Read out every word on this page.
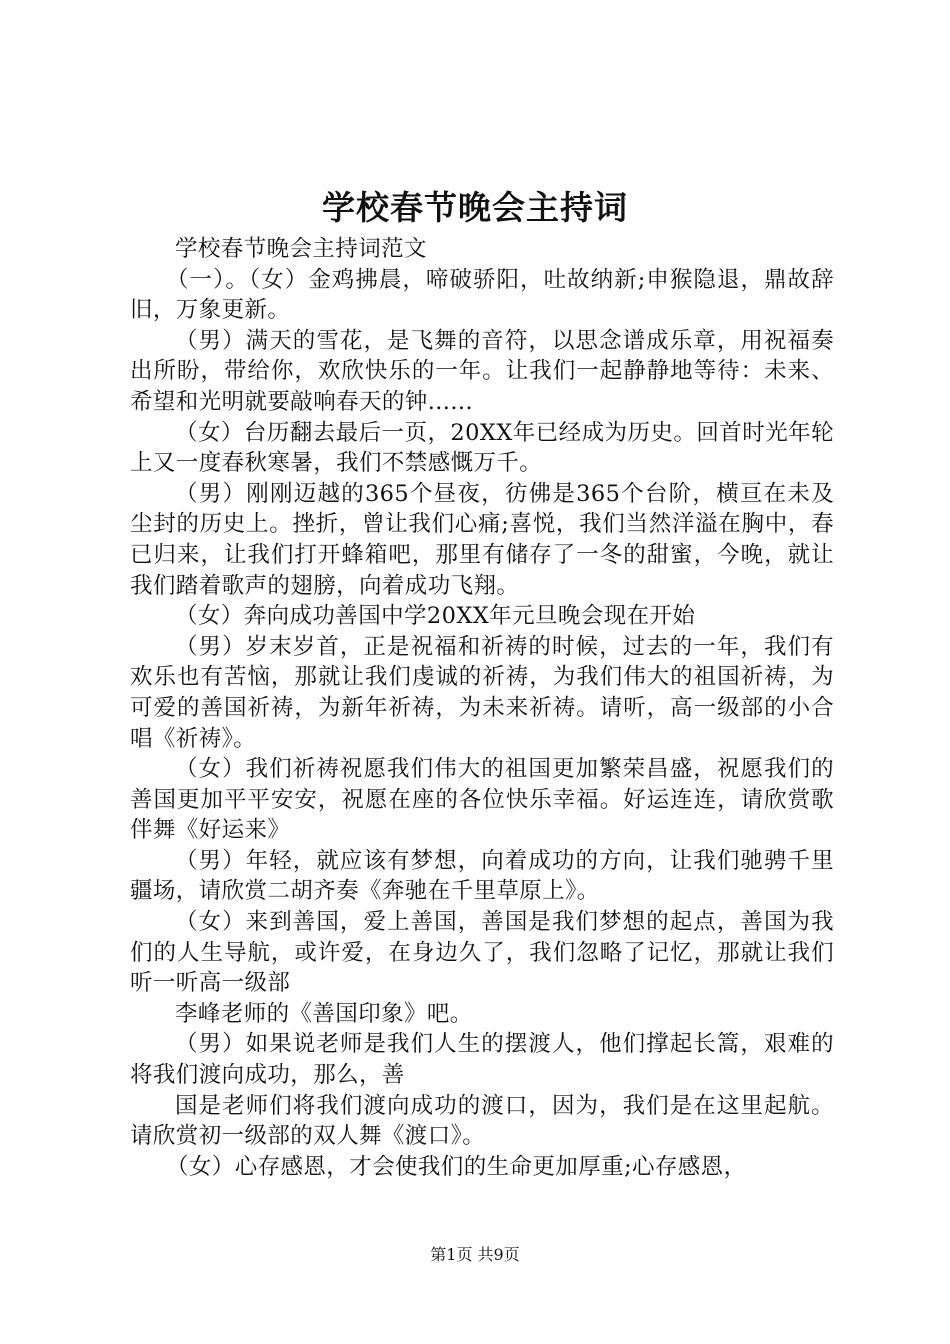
学校春节晚会主持词

学校春节晚会主持词范文

（一）。（女）金鸡拂晨，啼破骄阳，吐故纳新;申猴隐退，鼎故辞旧，万象更新。

（男）满天的雪花，是飞舞的音符，以思念谱成乐章，用祝福奏出所盼，带给你，欢欣快乐的一年。让我们一起静静地等待：未来、希望和光明就要敲响春天的钟......

（女）台历翻去最后一页，20XX年已经成为历史。回首时光年轮上又一度春秋寒暑，我们不禁感慨万千。

（男）刚刚迈越的365个昼夜，彷佛是365个台阶，横亘在未及尘封的历史上。挫折，曾让我们心痛;喜悦，我们当然洋溢在胸中，春已归来，让我们打开蜂箱吧，那里有储存了一冬的甜蜜，今晚，就让我们踏着歌声的翅膀，向着成功飞翔。

（女）奔向成功善国中学20XX年元旦晚会现在开始

（男）岁末岁首，正是祝福和祈祷的时候，过去的一年，我们有欢乐也有苦恼，那就让我们虔诚的祈祷，为我们伟大的祖国祈祷，为可爱的善国祈祷，为新年祈祷，为未来祈祷。请听，高一级部的小合唱《祈祷》。

（女）我们祈祷祝愿我们伟大的祖国更加繁荣昌盛，祝愿我们的善国更加平平安安，祝愿在座的各位快乐幸福。好运连连，请欣赏歌伴舞《好运来》

（男）年轻，就应该有梦想，向着成功的方向，让我们驰骋千里疆场，请欣赏二胡齐奏《奔驰在千里草原上》。

（女）来到善国，爱上善国，善国是我们梦想的起点，善国为我们的人生导航，或许爱，在身边久了，我们忽略了记忆，那就让我们听一听高一级部

李峰老师的《善国印象》吧。

（男）如果说老师是我们人生的摆渡人，他们撑起长篙，艰难的将我们渡向成功，那么，善

国是老师们将我们渡向成功的渡口，因为，我们是在这里起航。请欣赏初一级部的双人舞《渡口》。

（女）心存感恩，才会使我们的生命更加厚重;心存感恩，

第1页 共9页
